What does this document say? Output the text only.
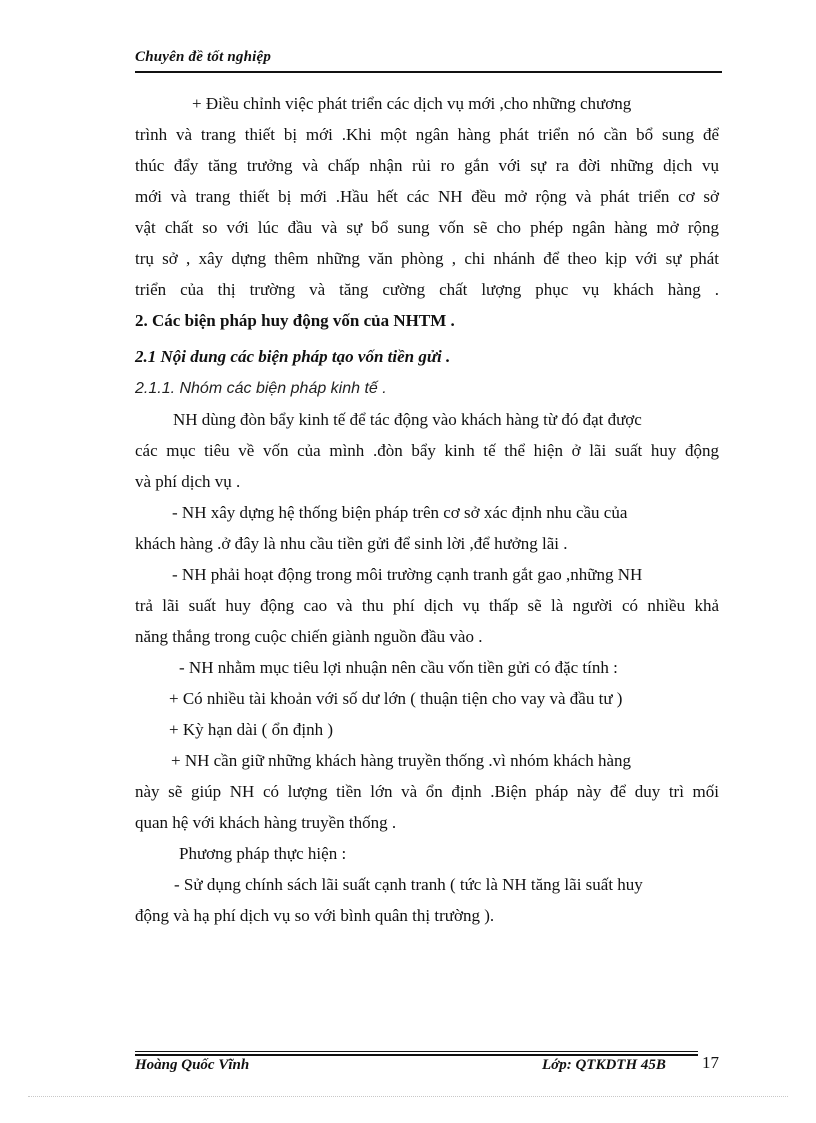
Chuyên đề tốt nghiệp
+ Điều chỉnh việc phát triển các dịch vụ mới ,cho những chương
trình và trang thiết bị mới .Khi một ngân hàng phát triển nó cần bổ sung để
thúc đẩy tăng trưởng và chấp nhận rủi ro gắn với sự ra đời những dịch vụ
mới và trang thiết bị mới .Hầu hết các NH đều mở rộng và phát triển cơ sở
vật chất so với lúc đầu và sự bổ sung vốn sẽ cho phép ngân hàng mở rộng
trụ sở , xây dựng thêm những văn phòng , chi nhánh để theo kịp với sự phát
triển của thị trường và tăng cường chất lượng phục vụ khách hàng .
2. Các biện pháp huy động vốn của NHTM .
2.1 Nội dung các biện pháp tạo vốn tiền gửi .
2.1.1. Nhóm các biện pháp kinh tế .
NH dùng đòn bẩy kinh tế để tác động vào khách hàng từ đó đạt được
các mục tiêu về vốn của mình .đòn bẩy kinh tế thể hiện ở lãi suất huy động
và phí dịch vụ .
- NH xây dựng hệ thống biện pháp trên cơ sở xác định nhu cầu của
khách hàng .ở đây là nhu cầu tiền gửi để sinh lời ,để hưởng lãi .
- NH phải hoạt động trong môi trường cạnh tranh gắt gao ,những NH
trả lãi suất huy động cao và thu phí dịch vụ thấp sẽ là người có nhiều khả
năng thắng trong cuộc chiến giành nguồn đầu vào .
- NH nhằm mục tiêu lợi nhuận nên cầu vốn tiền gửi có đặc tính :
+ Có nhiều tài khoản với số dư lớn ( thuận tiện cho vay và đầu tư )
+ Kỳ hạn dài ( ổn định )
+ NH cần giữ những khách hàng truyền thống .vì nhóm khách hàng
này sẽ giúp NH có lượng tiền lớn và ổn định .Biện pháp này để duy trì mối
quan hệ với khách hàng truyền thống .
Phương pháp thực hiện :
- Sử dụng chính sách lãi suất cạnh tranh ( tức là NH tăng lãi suất huy
động và hạ phí dịch vụ so với bình quân thị trường ).
Hoàng Quốc Vĩnh	Lớp: QTKDTH 45B 17
